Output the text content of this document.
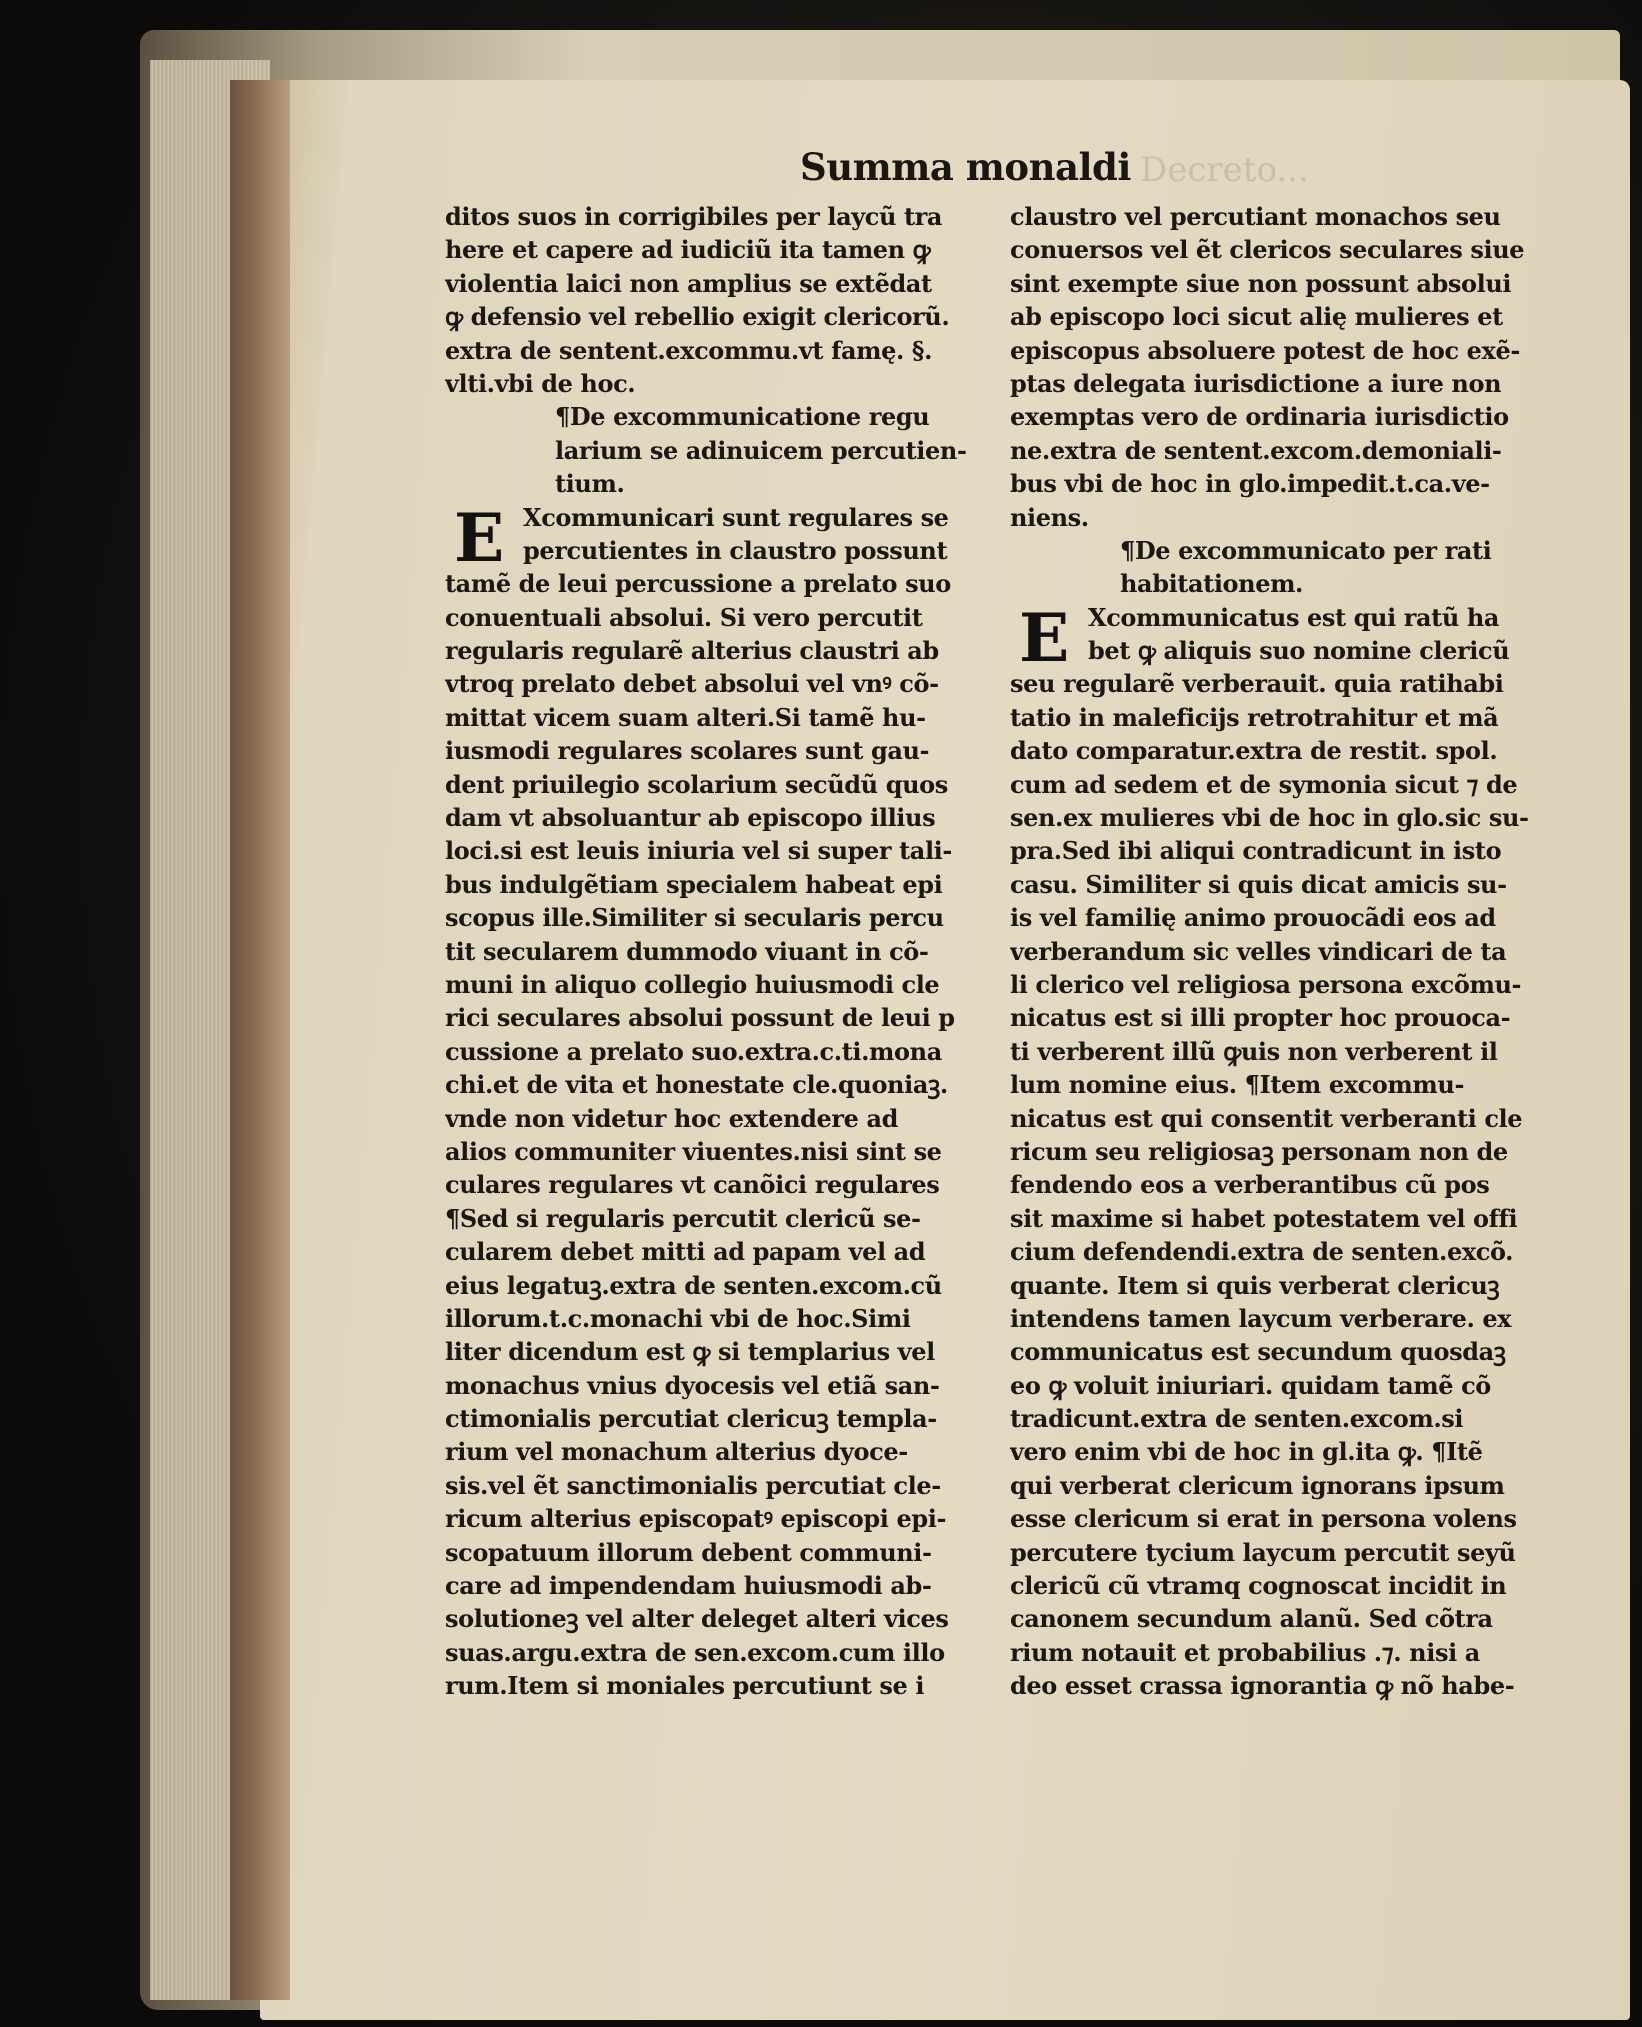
Decreto...
Summa monaldi
ditos suos in corrigibiles per laycũ tra
here et capere ad iudiciũ ita tamen ꝙ
violentia laici non amplius se extẽdat
ꝙ defensio vel rebellio exigit clericorũ.
extra de sentent.excommu.vt famę. §.
vlti.vbi de hoc.
¶De excommunicatione regu
larium se adinuicem percutien-
tium.
E Xcommunicari sunt regulares se
percutientes in claustro possunt
tamẽ de leui percussione a prelato suo
conuentuali absolui. Si vero percutit
regularis regularẽ alterius claustri ab
vtroq prelato debet absolui vel vnꝰ cõ-
mittat vicem suam alteri.Si tamẽ hu-
iusmodi regulares scolares sunt gau-
dent priuilegio scolarium secũdũ quos
dam vt absoluantur ab episcopo illius
loci.si est leuis iniuria vel si super tali-
bus indulgẽtiam specialem habeat epi
scopus ille.Similiter si secularis percu
tit secularem dummodo viuant in cõ-
muni in aliquo collegio huiusmodi cle
rici seculares absolui possunt de leui p
cussione a prelato suo.extra.c.ti.mona
chi.et de vita et honestate cle.quoniaꝫ.
vnde non videtur hoc extendere ad
alios communiter viuentes.nisi sint se
culares regulares vt canõici regulares
¶Sed si regularis percutit clericũ se-
cularem debet mitti ad papam vel ad
eius legatuꝫ.extra de senten.excom.cũ
illorum.t.c.monachi vbi de hoc.Simi
liter dicendum est ꝙ si templarius vel
monachus vnius dyocesis vel etiã san-
ctimonialis percutiat clericuꝫ templa-
rium vel monachum alterius dyoce-
sis.vel ẽt sanctimonialis percutiat cle-
ricum alterius episcopatꝰ episcopi epi-
scopatuum illorum debent communi-
care ad impendendam huiusmodi ab-
solutioneꝫ vel alter deleget alteri vices
suas.argu.extra de sen.excom.cum illo
rum.Item si moniales percutiunt se i
claustro vel percutiant monachos seu
conuersos vel ẽt clericos seculares siue
sint exempte siue non possunt absolui
ab episcopo loci sicut alię mulieres et
episcopus absoluere potest de hoc exẽ-
ptas delegata iurisdictione a iure non
exemptas vero de ordinaria iurisdictio
ne.extra de sentent.excom.demoniali-
bus vbi de hoc in glo.impedit.t.ca.ve-
niens.
¶De excommunicato per rati
habitationem.
E Xcommunicatus est qui ratũ ha
bet ꝙ aliquis suo nomine clericũ
seu regularẽ verberauit. quia ratihabi
tatio in maleficijs retrotrahitur et mã
dato comparatur.extra de restit. spol.
cum ad sedem et de symonia sicut ⁊ de
sen.ex mulieres vbi de hoc in glo.sic su-
pra.Sed ibi aliqui contradicunt in isto
casu. Similiter si quis dicat amicis su-
is vel familię animo prouocãdi eos ad
verberandum sic velles vindicari de ta
li clerico vel religiosa persona excõmu-
nicatus est si illi propter hoc prouoca-
ti verberent illũ ꝙuis non verberent il
lum nomine eius. ¶Item excommu-
nicatus est qui consentit verberanti cle
ricum seu religiosaꝫ personam non de
fendendo eos a verberantibus cũ pos
sit maxime si habet potestatem vel offi
cium defendendi.extra de senten.excõ.
quante. Item si quis verberat clericuꝫ
intendens tamen laycum verberare. ex
communicatus est secundum quosdaꝫ
eo ꝙ voluit iniuriari. quidam tamẽ cõ
tradicunt.extra de senten.excom.si
vero enim vbi de hoc in gl.ita ꝙ. ¶Itẽ
qui verberat clericum ignorans ipsum
esse clericum si erat in persona volens
percutere tycium laycum percutit seyũ
clericũ cũ vtramq cognoscat incidit in
canonem secundum alanũ. Sed cõtra
rium notauit et probabilius .⁊. nisi a
deo esset crassa ignorantia ꝙ nõ habe-
